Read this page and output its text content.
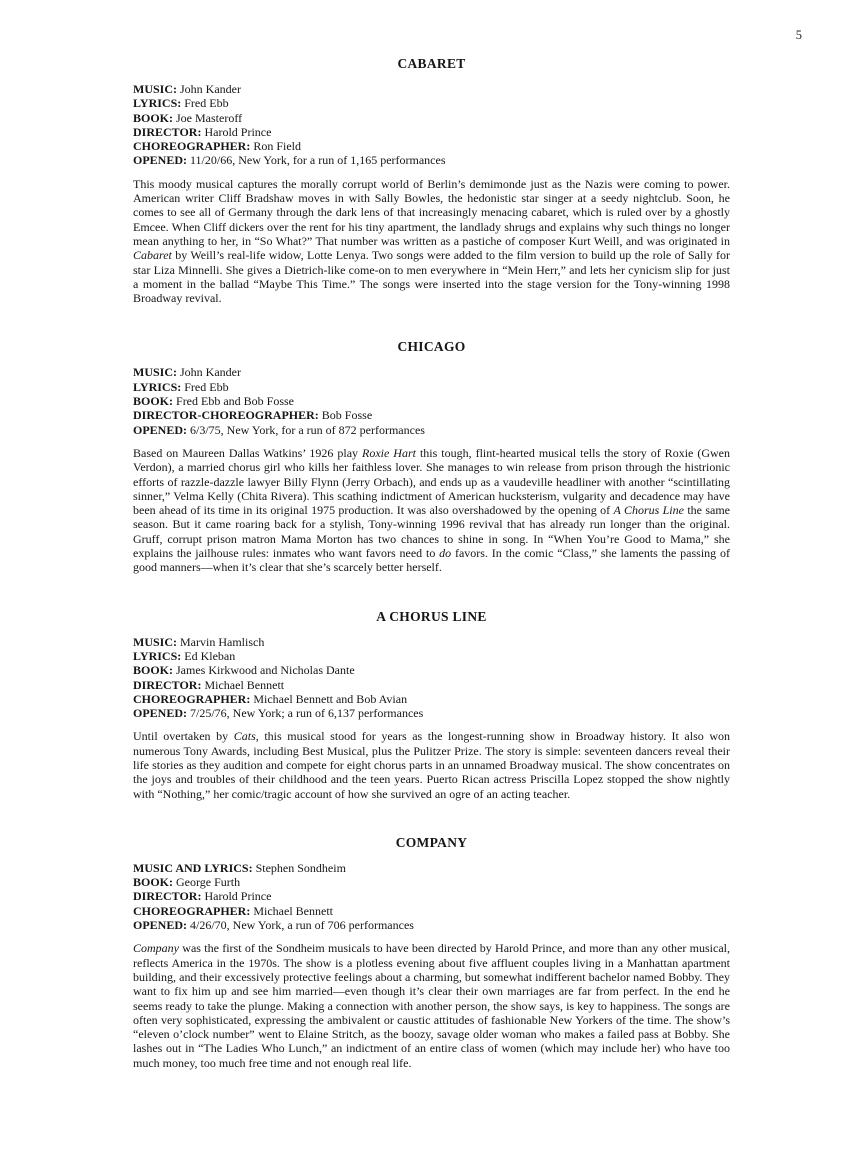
5
CABARET
MUSIC: John Kander
LYRICS: Fred Ebb
BOOK: Joe Masteroff
DIRECTOR: Harold Prince
CHOREOGRAPHER: Ron Field
OPENED: 11/20/66, New York, for a run of 1,165 performances

This moody musical captures the morally corrupt world of Berlin’s demimonde just as the Nazis were coming to power. American writer Cliff Bradshaw moves in with Sally Bowles, the hedonistic star singer at a seedy nightclub. Soon, he comes to see all of Germany through the dark lens of that increasingly menacing cabaret, which is ruled over by a ghostly Emcee. When Cliff dickers over the rent for his tiny apartment, the landlady shrugs and explains why such things no longer mean anything to her, in “So What?” That number was written as a pastiche of composer Kurt Weill, and was originated in Cabaret by Weill’s real-life widow, Lotte Lenya. Two songs were added to the film version to build up the role of Sally for star Liza Minnelli. She gives a Dietrich-like come-on to men everywhere in “Mein Herr,” and lets her cynicism slip for just a moment in the ballad “Maybe This Time.” The songs were inserted into the stage version for the Tony-winning 1998 Broadway revival.

CHICAGO
MUSIC: John Kander
LYRICS: Fred Ebb
BOOK: Fred Ebb and Bob Fosse
DIRECTOR-CHOREOGRAPHER: Bob Fosse
OPENED: 6/3/75, New York, for a run of 872 performances

Based on Maureen Dallas Watkins’ 1926 play Roxie Hart this tough, flint-hearted musical tells the story of Roxie (Gwen Verdon), a married chorus girl who kills her faithless lover. She manages to win release from prison through the histrionic efforts of razzle-dazzle lawyer Billy Flynn (Jerry Orbach), and ends up as a vaudeville headliner with another “scintillating sinner,” Velma Kelly (Chita Rivera). This scathing indictment of American hucksterism, vulgarity and decadence may have been ahead of its time in its original 1975 production. It was also overshadowed by the opening of A Chorus Line the same season. But it came roaring back for a stylish, Tony-winning 1996 revival that has already run longer than the original. Gruff, corrupt prison matron Mama Morton has two chances to shine in song. In “When You’re Good to Mama,” she explains the jailhouse rules: inmates who want favors need to do favors. In the comic “Class,” she laments the passing of good manners—when it’s clear that she’s scarcely better herself.

A CHORUS LINE
MUSIC: Marvin Hamlisch
LYRICS: Ed Kleban
BOOK: James Kirkwood and Nicholas Dante
DIRECTOR: Michael Bennett
CHOREOGRAPHER: Michael Bennett and Bob Avian
OPENED: 7/25/76, New York; a run of 6,137 performances

Until overtaken by Cats, this musical stood for years as the longest-running show in Broadway history. It also won numerous Tony Awards, including Best Musical, plus the Pulitzer Prize. The story is simple: seventeen dancers reveal their life stories as they audition and compete for eight chorus parts in an unnamed Broadway musical. The show concentrates on the joys and troubles of their childhood and the teen years. Puerto Rican actress Priscilla Lopez stopped the show nightly with “Nothing,” her comic/tragic account of how she survived an ogre of an acting teacher.

COMPANY
MUSIC AND LYRICS: Stephen Sondheim
BOOK: George Furth
DIRECTOR: Harold Prince
CHOREOGRAPHER: Michael Bennett
OPENED: 4/26/70, New York, a run of 706 performances

Company was the first of the Sondheim musicals to have been directed by Harold Prince, and more than any other musical, reflects America in the 1970s. The show is a plotless evening about five affluent couples living in a Manhattan apartment building, and their excessively protective feelings about a charming, but somewhat indifferent bachelor named Bobby. They want to fix him up and see him married—even though it’s clear their own marriages are far from perfect. In the end he seems ready to take the plunge. Making a connection with another person, the show says, is key to happiness. The songs are often very sophisticated, expressing the ambivalent or caustic attitudes of fashionable New Yorkers of the time. The show’s “eleven o’clock number” went to Elaine Stritch, as the boozy, savage older woman who makes a failed pass at Bobby. She lashes out in “The Ladies Who Lunch,” an indictment of an entire class of women (which may include her) who have too much money, too much free time and not enough real life.
